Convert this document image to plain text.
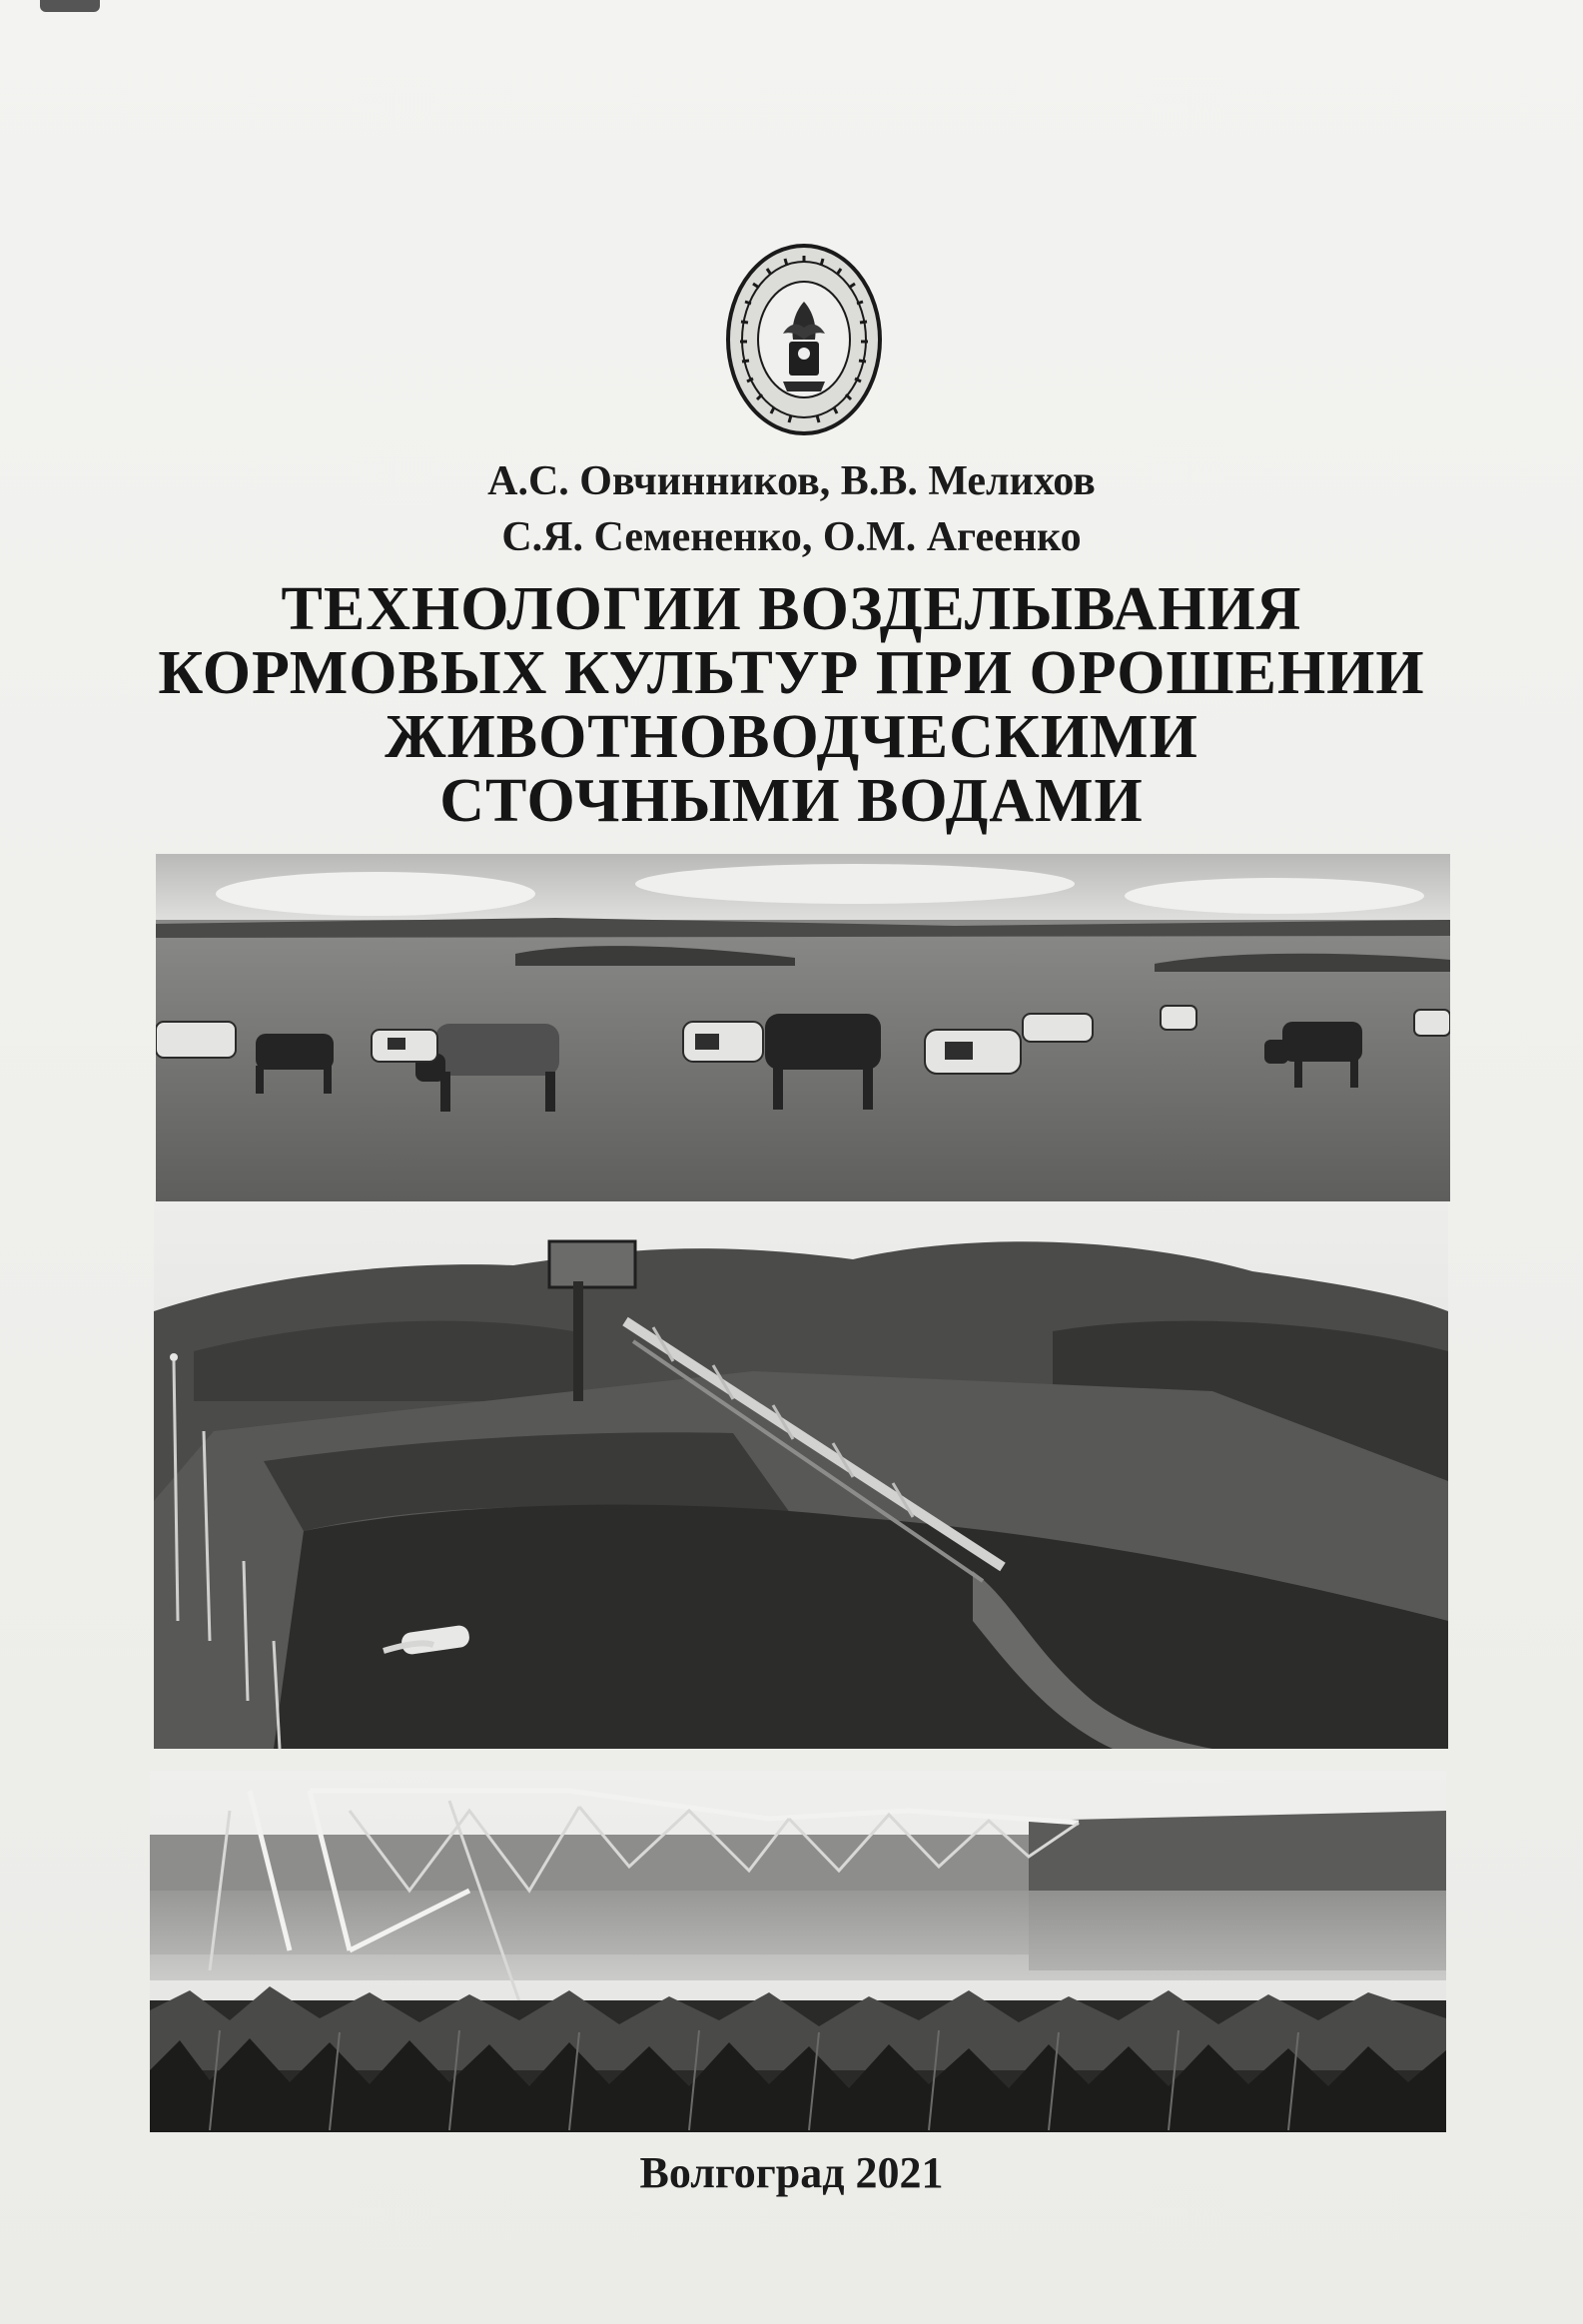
А.С. Овчинников, В.В. Мелихов
С.Я. Семененко, О.М. Агеенко
ТЕХНОЛОГИИ ВОЗДЕЛЫВАНИЯ
КОРМОВЫХ КУЛЬТУР ПРИ ОРОШЕНИИ
ЖИВОТНОВОДЧЕСКИМИ
СТОЧНЫМИ ВОДАМИ
Волгоград 2021
